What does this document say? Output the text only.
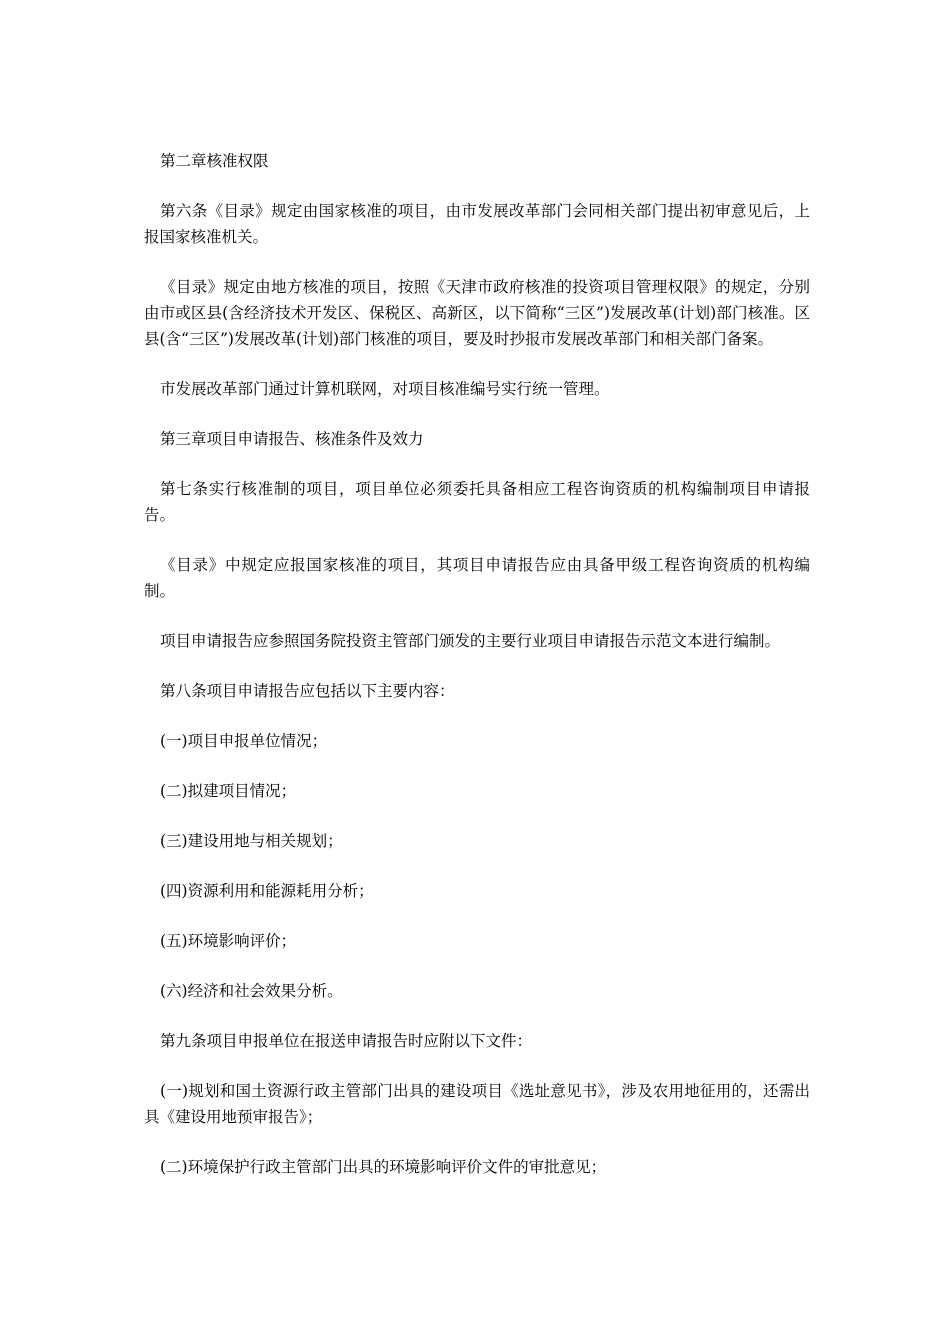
第二章核准权限

第六条《目录》规定由国家核准的项目，由市发展改革部门会同相关部门提出初审意见后，上报国家核准机关。

《目录》规定由地方核准的项目，按照《天津市政府核准的投资项目管理权限》的规定，分别由市或区县(含经济技术开发区、保税区、高新区，以下简称“三区”)发展改革(计划)部门核准。区县(含“三区”)发展改革(计划)部门核准的项目，要及时抄报市发展改革部门和相关部门备案。

市发展改革部门通过计算机联网，对项目核准编号实行统一管理。

第三章项目申请报告、核准条件及效力

第七条实行核准制的项目，项目单位必须委托具备相应工程咨询资质的机构编制项目申请报告。

《目录》中规定应报国家核准的项目，其项目申请报告应由具备甲级工程咨询资质的机构编制。

项目申请报告应参照国务院投资主管部门颁发的主要行业项目申请报告示范文本进行编制。

第八条项目申请报告应包括以下主要内容：

(一)项目申报单位情况；

(二)拟建项目情况；

(三)建设用地与相关规划；

(四)资源利用和能源耗用分析；

(五)环境影响评价；

(六)经济和社会效果分析。

第九条项目申报单位在报送申请报告时应附以下文件：

(一)规划和国土资源行政主管部门出具的建设项目《选址意见书》，涉及农用地征用的，还需出具《建设用地预审报告》；

(二)环境保护行政主管部门出具的环境影响评价文件的审批意见；
